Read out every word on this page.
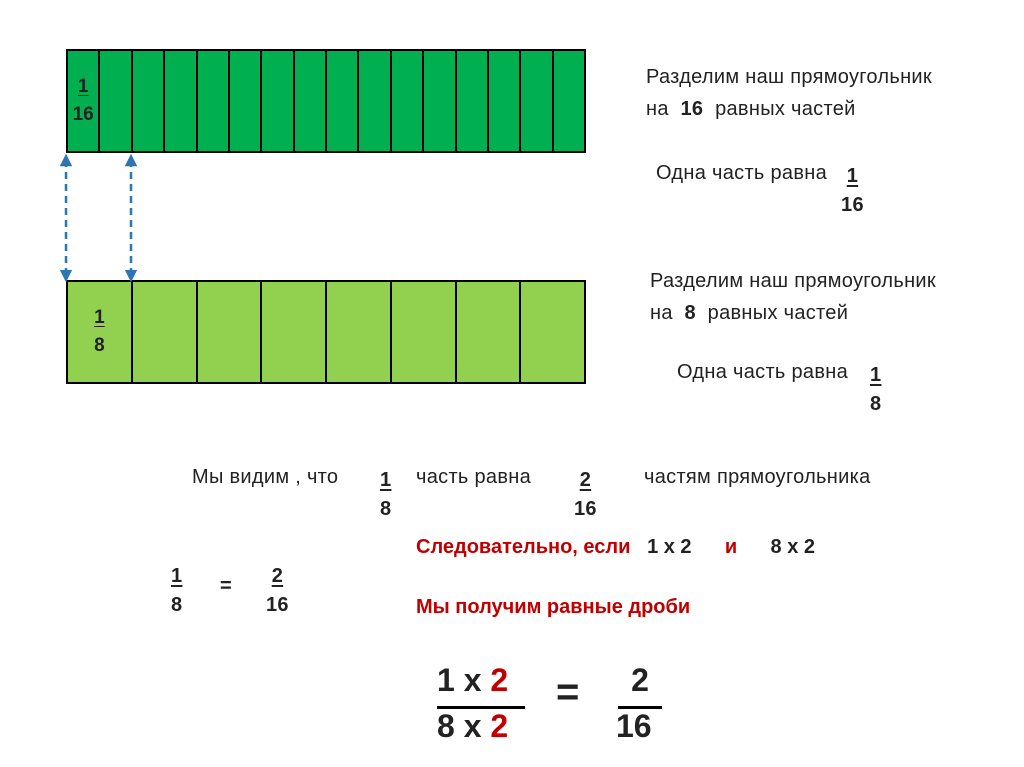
$\frac{1}{16}$
$\frac{1}{8}$
Разделим наш прямоугольник
на 16 равных частей
Одна часть равна $\frac{1}{16}$
Разделим наш прямоугольник
на 8 равных частей
Одна часть равна $\frac{1}{8}$
Мы видим , что $\frac{1}{8}$ часть равна $\frac{2}{16}$ частям прямоугольника
$\frac{1}{8} = \frac{2}{16}$
Следовательно, если 1 х 2 и 8 х 2
Мы получим равные дроби
1 х 2
8 х 2
=	2
16
